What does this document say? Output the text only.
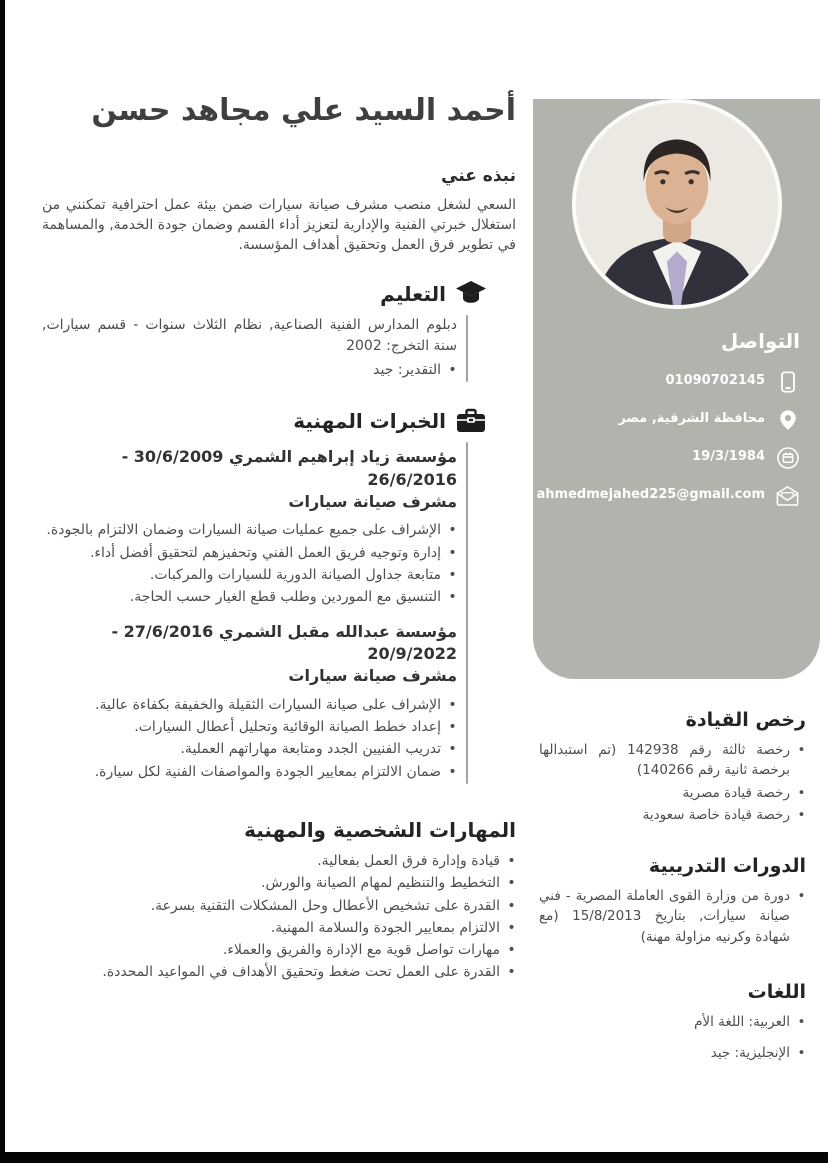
أحمد السيد علي مجاهد حسن
نبذه عني

السعي لشغل منصب مشرف صيانة سيارات ضمن بيئة عمل احترافية تمكنني من استغلال خبرتي الفنية والإدارية لتعزيز أداء القسم وضمان جودة الخدمة, والمساهمة في تطوير فرق العمل وتحقيق أهداف المؤسسة.

التعليم

دبلوم المدارس الفنية الصناعية, نظام الثلاث سنوات - قسم سيارات, سنة التخرج: 2002

•
التقدير: جيد
الخبرات المهنية

مؤسسة زياد إبراهيم الشمري 30/6/2009 - 26/6/2016

مشرف صيانة سيارات

•
الإشراف على جميع عمليات صيانة السيارات وضمان الالتزام بالجودة.
•
إدارة وتوجيه فريق العمل الفني وتحفيزهم لتحقيق أفضل أداء.
•
متابعة جداول الصيانة الدورية للسيارات والمركبات.
•
التنسيق مع الموردين وطلب قطع الغيار حسب الحاجة.

مؤسسة عبدالله مقبل الشمري 27/6/2016 - 20/9/2022

مشرف صيانة سيارات

•
الإشراف على صيانة السيارات الثقيلة والخفيفة بكفاءة عالية.
•
إعداد خطط الصيانة الوقائية وتحليل أعطال السيارات.
•
تدريب الفنيين الجدد ومتابعة مهاراتهم العملية.
•
ضمان الالتزام بمعايير الجودة والمواصفات الفنية لكل سيارة.
المهارات الشخصية والمهنية
•
قيادة وإدارة فرق العمل بفعالية.
•
التخطيط والتنظيم لمهام الصيانة والورش.
•
القدرة على تشخيص الأعطال وحل المشكلات التقنية بسرعة.
•
الالتزام بمعايير الجودة والسلامة المهنية.
•
مهارات تواصل قوية مع الإدارة والفريق والعملاء.
•
القدرة على العمل تحت ضغط وتحقيق الأهداف في المواعيد المحددة.
التواصل
01090702145
محافظة الشرقية, مصر
19/3/1984
ahmedmejahed225@gmail.com
رخص القيادة
•
رخصة ثالثة رقم 142938 (تم استبدالها برخصة ثانية رقم 140266)
•
رخصة قيادة مصرية
•
رخصة قيادة خاصة سعودية
الدورات التدريبية
•
دورة من وزارة القوى العاملة المصرية - فني صيانة سيارات, بتاريخ 15/8/2013 (مع شهادة وكرنيه مزاولة مهنة)
اللغات
•
العربية: اللغة الأم
•
الإنجليزية: جيد
